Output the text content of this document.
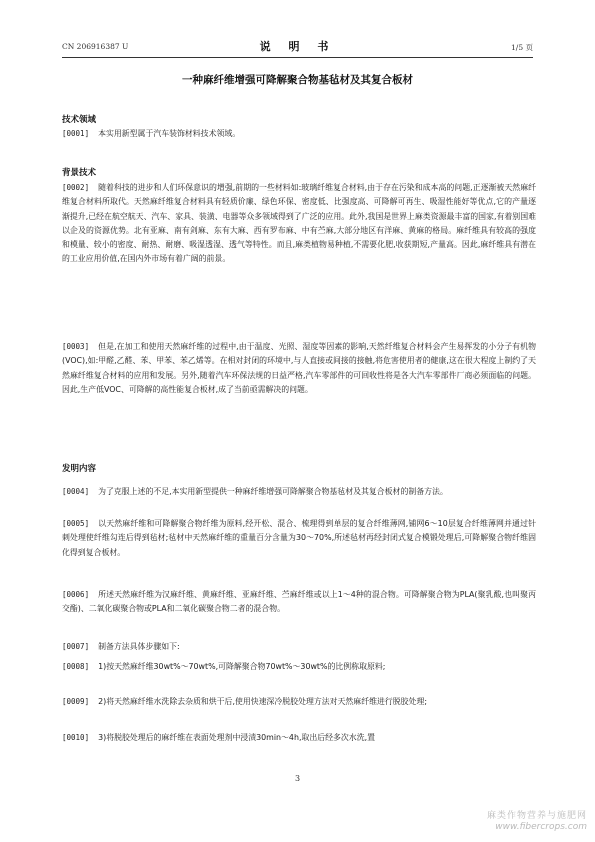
CN 206916387 U	说 明 书	1/5 页
一种麻纤维增强可降解聚合物基毡材及其复合板材
技术领域

[0001] 本实用新型属于汽车装饰材料技术领域。

背景技术

[0002] 随着科技的进步和人们环保意识的增强,前期的一些材料如:玻璃纤维复合材料,由于存在污染和成本高的问题,正逐渐被天然麻纤维复合材料所取代。天然麻纤维复合材料具有轻质价廉、绿色环保、密度低、比强度高、可降解可再生、吸湿性能好等优点,它的产量逐渐提升,已经在航空航天、汽车、家具、装潢、电器等众多领域得到了广泛的应用。此外,我国是世界上麻类资源最丰富的国家,有着别国难以企及的资源优势。北有亚麻、南有剑麻、东有大麻、西有罗布麻、中有苎麻,大部分地区有洋麻、黄麻的格局。麻纤维具有较高的强度和模量、较小的密度、耐热、耐磨、吸湿透湿、透气等特性。而且,麻类植物易种植,不需要化肥,收获期短,产量高。因此,麻纤维具有潜在的工业应用价值,在国内外市场有着广阔的前景。

[0003] 但是,在加工和使用天然麻纤维的过程中,由于温度、光照、湿度等因素的影响,天然纤维复合材料会产生易挥发的小分子有机物(VOC),如:甲醛,乙醛、苯、甲苯、苯乙烯等。在相对封闭的环境中,与人直接或间接的接触,将危害使用者的健康,这在很大程度上制约了天然麻纤维复合材料的应用和发展。另外,随着汽车环保法规的日益严格,汽车零部件的可回收性将是各大汽车零部件厂商必须面临的问题。因此,生产低VOC、可降解的高性能复合板材,成了当前亟需解决的问题。

发明内容

[0004] 为了克服上述的不足,本实用新型提供一种麻纤维增强可降解聚合物基毡材及其复合板材的制备方法。

[0005] 以天然麻纤维和可降解聚合物纤维为原料,经开松、混合、梳理得到单层的复合纤维薄网,铺网6～10层复合纤维薄网并通过针刺处理使纤维勾连后得到毡材;毡材中天然麻纤维的重量百分含量为30～70%,所述毡材再经封闭式复合模锻处理后,可降解聚合物纤维固化得到复合板材。

[0006] 所述天然麻纤维为汉麻纤维、黄麻纤维、亚麻纤维、苎麻纤维或以上1～4种的混合物。可降解聚合物为PLA(聚乳酸,也叫聚丙交酯)、二氧化碳聚合物或PLA和二氧化碳聚合物二者的混合物。

[0007] 制备方法具体步骤如下:

[0008] 1)按天然麻纤维30wt%～70wt%,可降解聚合物70wt%～30wt%的比例称取原料;

[0009] 2)将天然麻纤维水洗除去杂质和烘干后,使用快速深冷脱胶处理方法对天然麻纤维进行脱胶处理;

[0010] 3)将脱胶处理后的麻纤维在表面处理剂中浸渍30min～4h,取出后经多次水洗,置

3
麻类作物营养与施肥网
www.fibercrops.com
